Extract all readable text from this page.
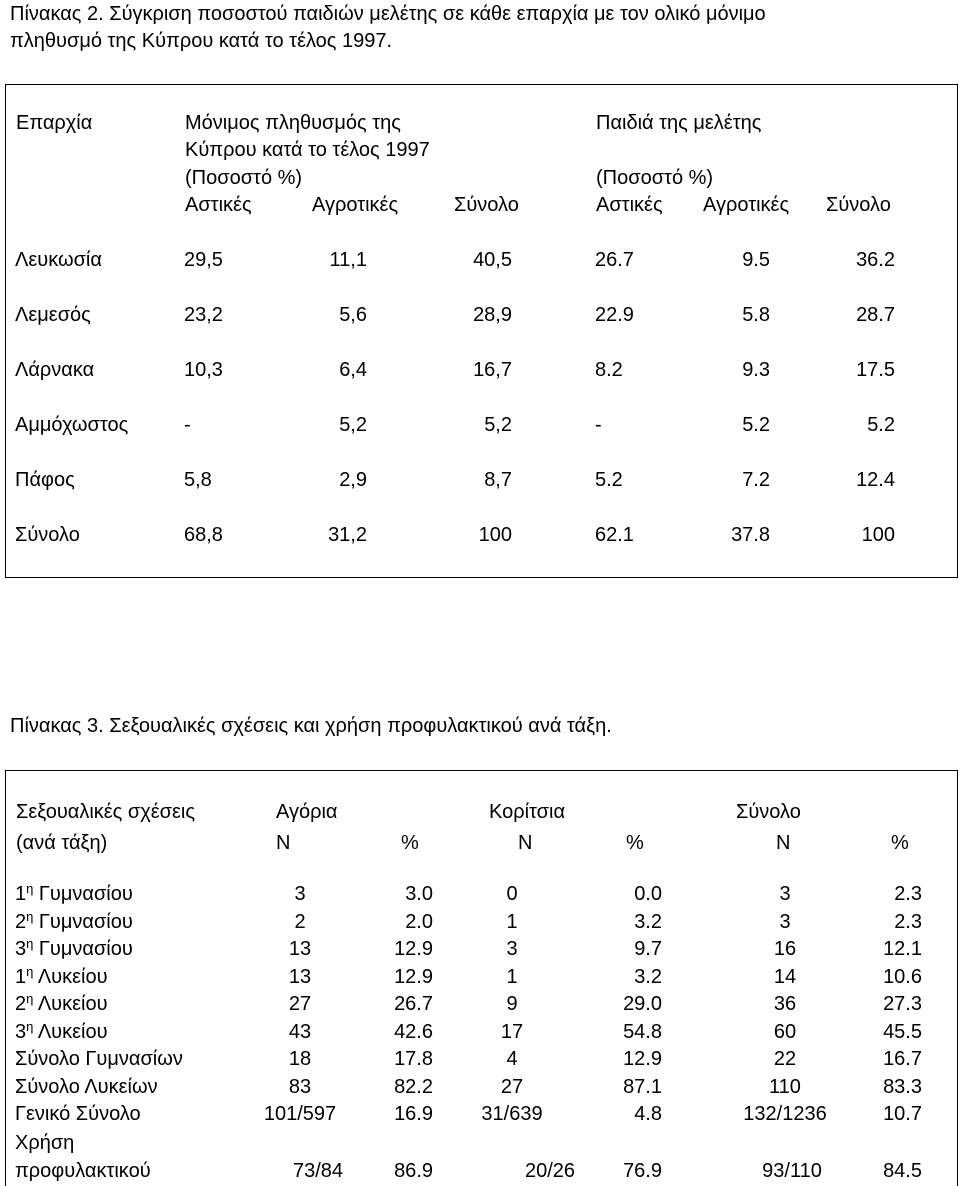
Πίνακας 2. Σύγκριση ποσοστού παιδιών μελέτης σε κάθε επαρχία με τον ολικό μόνιμο
πληθυσμό της Κύπρου κατά το τέλος 1997.
Επαρχία	Μόνιμος πληθυσμός της
Κύπρου κατά το τέλος 1997
(Ποσοστό %)
Αστικές	Αγροτικές	Σύνολο
Παιδιά της μελέτης
(Ποσοστό %)
Αστικές Αγροτικές Σύνολο
Λευκωσία	29,5	11,1	40,5	26.7	9.5	36.2
Λεμεσός	23,2	5,6	28,9	22.9	5.8	28.7
Λάρνακα	10,3	6,4	16,7	8.2	9.3	17.5
Αμμόχωστος	-	5,2	5,2	-	5.2	5.2
Πάφος	5,8	2,9	8,7	5.2	7.2	12.4
Σύνολο	68,8	31,2	100	62.1	37.8	100
Πίνακας 3. Σεξουαλικές σχέσεις και χρήση προφυλακτικού ανά τάξη.
Σεξουαλικές σχέσεις
(ανά τάξη)
Αγόρια	Κορίτσια	Σύνολο
Ν	%	Ν	%	Ν	%
$1^\eta$ Γυμνασίου	3	3.0	0	0.0	3	2.3
$2^\eta$ Γυμνασίου	2	2.0	1	3.2	3	2.3
$3^\eta$ Γυμνασίου	13	12.9	3	9.7	16	12.1
$1^\eta$ Λυκείου	13	12.9	1	3.2	14	10.6
$2^\eta$ Λυκείου	27	26.7	9	29.0	36	27.3
$3^\eta$ Λυκείου	43	42.6	17	54.8	60	45.5
Σύνολο Γυμνασίων	18	17.8	4	12.9	22	16.7
Σύνολο Λυκείων	83	82.2	27	87.1	110	83.3
Γενικό Σύνολο	101/597	16.9	31/639	4.8	132/1236	10.7
Χρήση
προφυλακτικού	73/84	86.9	20/26	76.9	93/110	84.5
